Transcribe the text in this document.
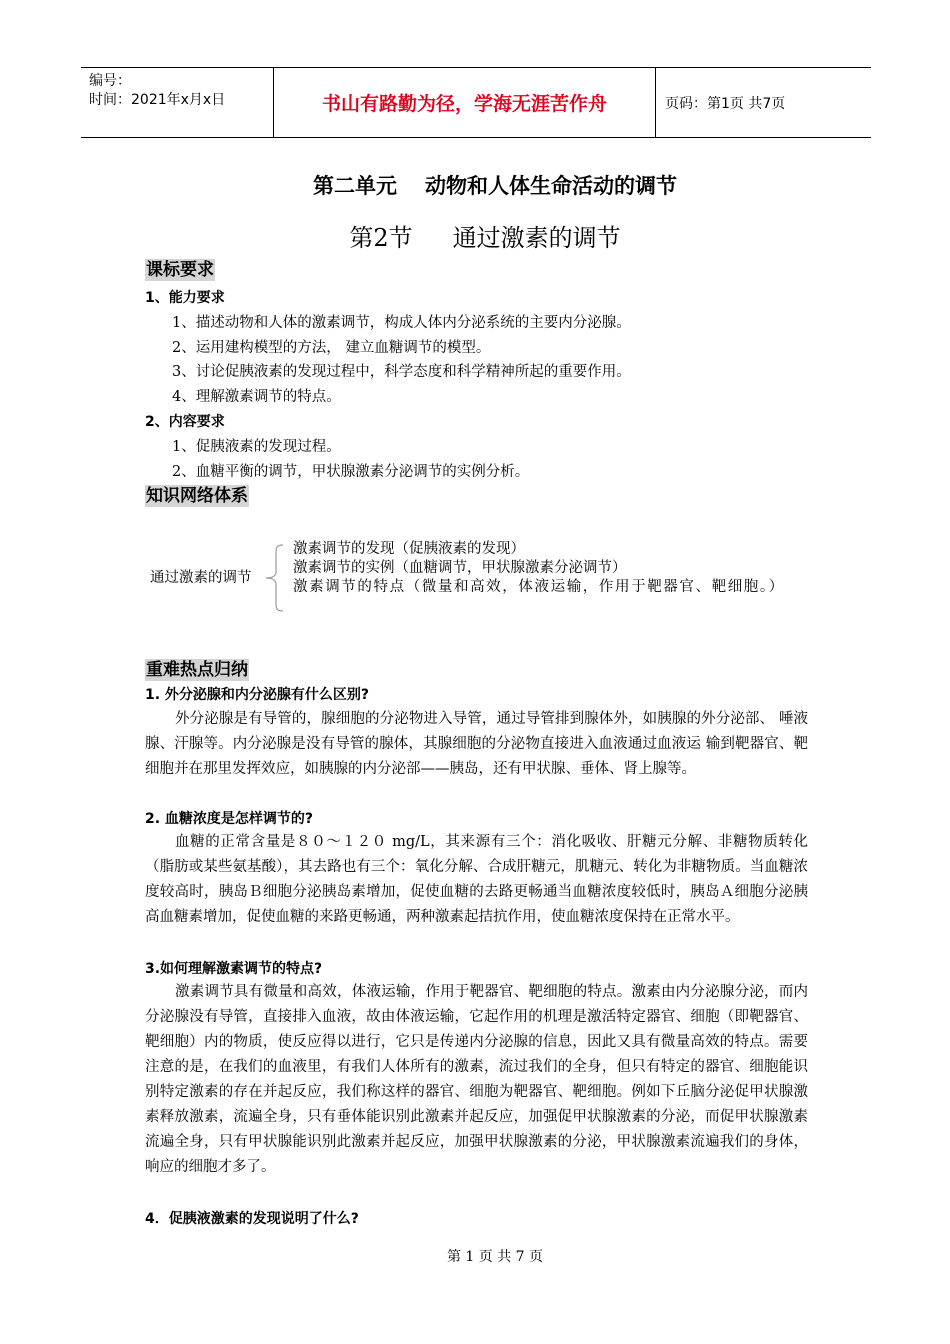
编号：
时间：2021年x月x日	书山有路勤为径，学海无涯苦作舟	页码：第1页 共7页
第二单元 动物和人体生命活动的调节
第2节 通过激素的调节
课标要求
1、能力要求
1、描述动物和人体的激素调节，构成人体内分泌系统的主要内分泌腺。
2、运用建构模型的方法， 建立血糖调节的模型。
3、讨论促胰液素的发现过程中，科学态度和科学精神所起的重要作用。
4、理解激素调节的特点。
2、内容要求
1、促胰液素的发现过程。
2、血糖平衡的调节，甲状腺激素分泌调节的实例分析。
知识网络体系
通过激素的调节
激素调节的发现（促胰液素的发现）
激素调节的实例（血糖调节，甲状腺激素分泌调节）
激素调节的特点（微量和高效，体液运输，作用于靶器官、靶细胞。）
重难热点归纳
1. 外分泌腺和内分泌腺有什么区别?
外分泌腺是有导管的，腺细胞的分泌物进入导管，通过导管排到腺体外，如胰腺的外分泌部、 唾液腺、汗腺等。内分泌腺是没有导管的腺体，其腺细胞的分泌物直接进入血液通过血液运 输到靶器官、靶细胞并在那里发挥效应，如胰腺的内分泌部——胰岛，还有甲状腺、垂体、肾上腺等。
2. 血糖浓度是怎样调节的?
血糖的正常含量是８０～１２０ mg/L，其来源有三个：消化吸收、肝糖元分解、非糖物质转化（脂肪或某些氨基酸），其去路也有三个：氧化分解、合成肝糖元，肌糖元、转化为非糖物质。当血糖浓度较高时，胰岛Ｂ细胞分泌胰岛素增加，促使血糖的去路更畅通当血糖浓度较低时，胰岛Ａ细胞分泌胰高血糖素增加，促使血糖的来路更畅通，两种激素起拮抗作用，使血糖浓度保持在正常水平。
3.如何理解激素调节的特点?
激素调节具有微量和高效，体液运输，作用于靶器官、靶细胞的特点。激素由内分泌腺分泌，而内分泌腺没有导管，直接排入血液，故由体液运输，它起作用的机理是激活特定器官、细胞（即靶器官、靶细胞）内的物质，使反应得以进行，它只是传递内分泌腺的信息，因此又具有微量高效的特点。需要注意的是，在我们的血液里，有我们人体所有的激素，流过我们的全身，但只有特定的器官、细胞能识别特定激素的存在并起反应，我们称这样的器官、细胞为靶器官、靶细胞。例如下丘脑分泌促甲状腺激素释放激素，流遍全身，只有垂体能识别此激素并起反应，加强促甲状腺激素的分泌，而促甲状腺激素流遍全身，只有甲状腺能识别此激素并起反应，加强甲状腺激素的分泌，甲状腺激素流遍我们的身体，响应的细胞才多了。
4．促胰液激素的发现说明了什么?
第 1 页 共 7 页
